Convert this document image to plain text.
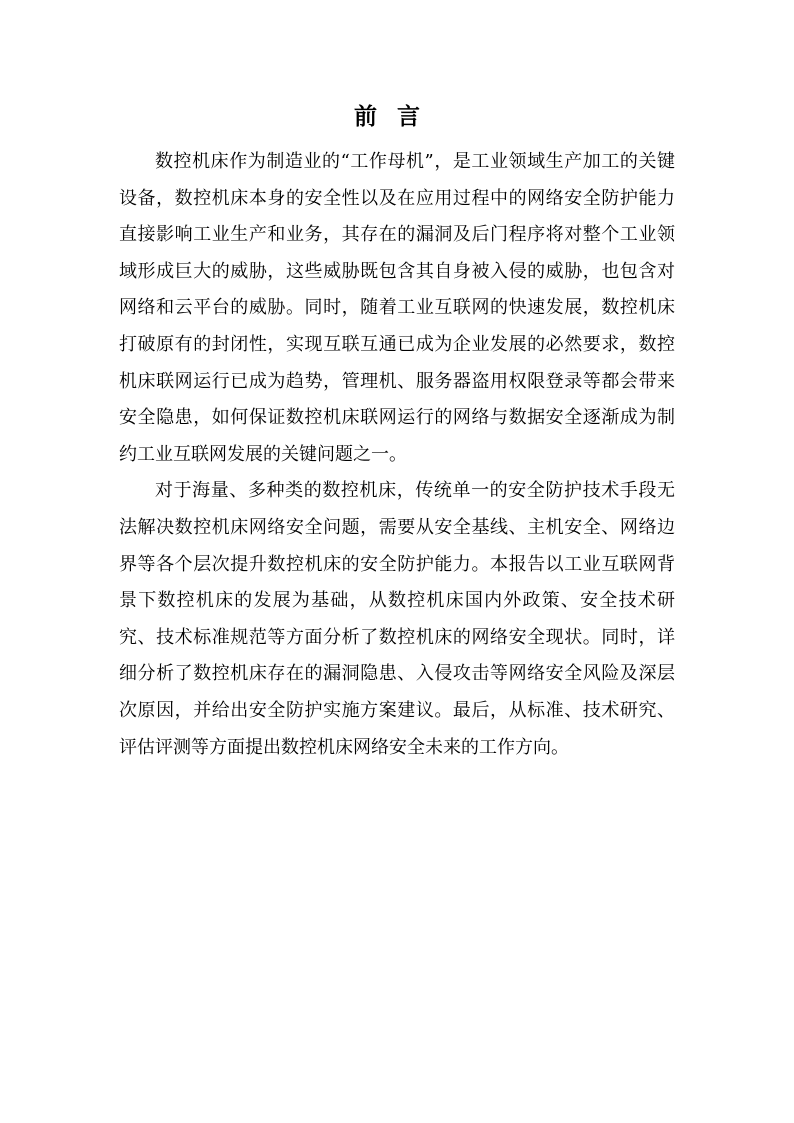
前言

数控机床作为制造业的“工作母机”，是工业领域生产加工的关键设备，数控机床本身的安全性以及在应用过程中的网络安全防护能力直接影响工业生产和业务，其存在的漏洞及后门程序将对整个工业领域形成巨大的威胁，这些威胁既包含其自身被入侵的威胁，也包含对网络和云平台的威胁。同时，随着工业互联网的快速发展，数控机床打破原有的封闭性，实现互联互通已成为企业发展的必然要求，数控机床联网运行已成为趋势，管理机、服务器盗用权限登录等都会带来安全隐患，如何保证数控机床联网运行的网络与数据安全逐渐成为制约工业互联网发展的关键问题之一。

对于海量、多种类的数控机床，传统单一的安全防护技术手段无法解决数控机床网络安全问题，需要从安全基线、主机安全、网络边界等各个层次提升数控机床的安全防护能力。本报告以工业互联网背景下数控机床的发展为基础，从数控机床国内外政策、安全技术研究、技术标准规范等方面分析了数控机床的网络安全现状。同时，详细分析了数控机床存在的漏洞隐患、入侵攻击等网络安全风险及深层次原因，并给出安全防护实施方案建议。最后，从标准、技术研究、评估评测等方面提出数控机床网络安全未来的工作方向。
